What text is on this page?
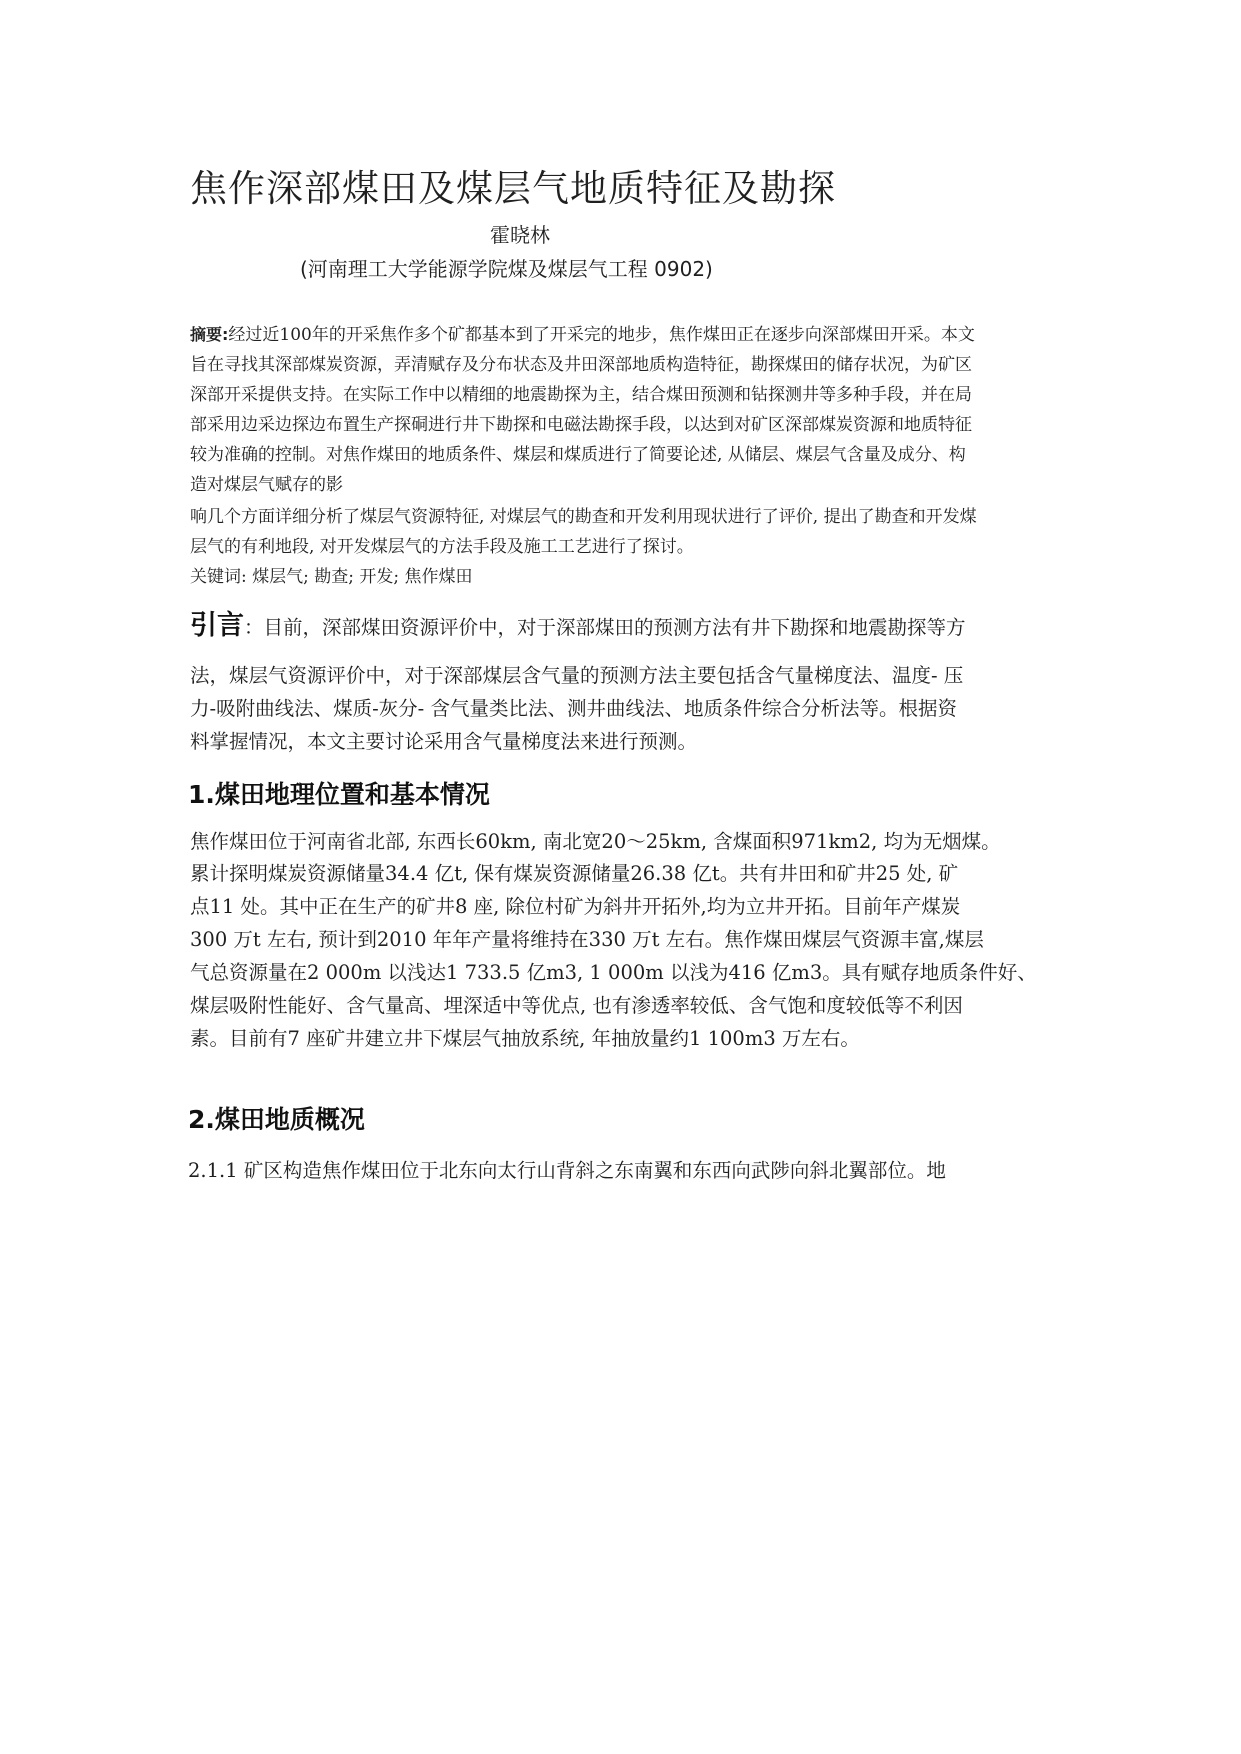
焦作深部煤田及煤层气地质特征及勘探
霍晓林
(河南理工大学能源学院煤及煤层气工程 0902)
摘要:经过近100年的开采焦作多个矿都基本到了开采完的地步，焦作煤田正在逐步向深部煤田开采。本文
旨在寻找其深部煤炭资源，弄清赋存及分布状态及井田深部地质构造特征，勘探煤田的储存状况，为矿区
深部开采提供支持。在实际工作中以精细的地震勘探为主，结合煤田预测和钻探测井等多种手段，并在局
部采用边采边探边布置生产探硐进行井下勘探和电磁法勘探手段，以达到对矿区深部煤炭资源和地质特征
较为准确的控制。对焦作煤田的地质条件、煤层和煤质进行了简要论述, 从储层、煤层气含量及成分、构
造对煤层气赋存的影
响几个方面详细分析了煤层气资源特征, 对煤层气的勘查和开发利用现状进行了评价, 提出了勘查和开发煤
层气的有利地段, 对开发煤层气的方法手段及施工工艺进行了探讨。
关键词: 煤层气; 勘查; 开发; 焦作煤田
引言：目前，深部煤田资源评价中，对于深部煤田的预测方法有井下勘探和地震勘探等方
法，煤层气资源评价中，对于深部煤层含气量的预测方法主要包括含气量梯度法、温度- 压
力-吸附曲线法、煤质-灰分- 含气量类比法、测井曲线法、地质条件综合分析法等。根据资
料掌握情况，本文主要讨论采用含气量梯度法来进行预测。
1.煤田地理位置和基本情况
焦作煤田位于河南省北部, 东西长60km, 南北宽20～25km, 含煤面积971km2, 均为无烟煤。
累计探明煤炭资源储量34.4 亿t, 保有煤炭资源储量26.38 亿t。共有井田和矿井25 处, 矿
点11 处。其中正在生产的矿井8 座, 除位村矿为斜井开拓外,均为立井开拓。目前年产煤炭
300 万t 左右, 预计到2010 年年产量将维持在330 万t 左右。焦作煤田煤层气资源丰富,煤层
气总资源量在2 000m 以浅达1 733.5 亿m3, 1 000m 以浅为416 亿m3。具有赋存地质条件好、
煤层吸附性能好、含气量高、埋深适中等优点, 也有渗透率较低、含气饱和度较低等不利因
素。目前有7 座矿井建立井下煤层气抽放系统, 年抽放量约1 100m3 万左右。
2.煤田地质概况
2.1.1 矿区构造焦作煤田位于北东向太行山背斜之东南翼和东西向武陟向斜北翼部位。地
